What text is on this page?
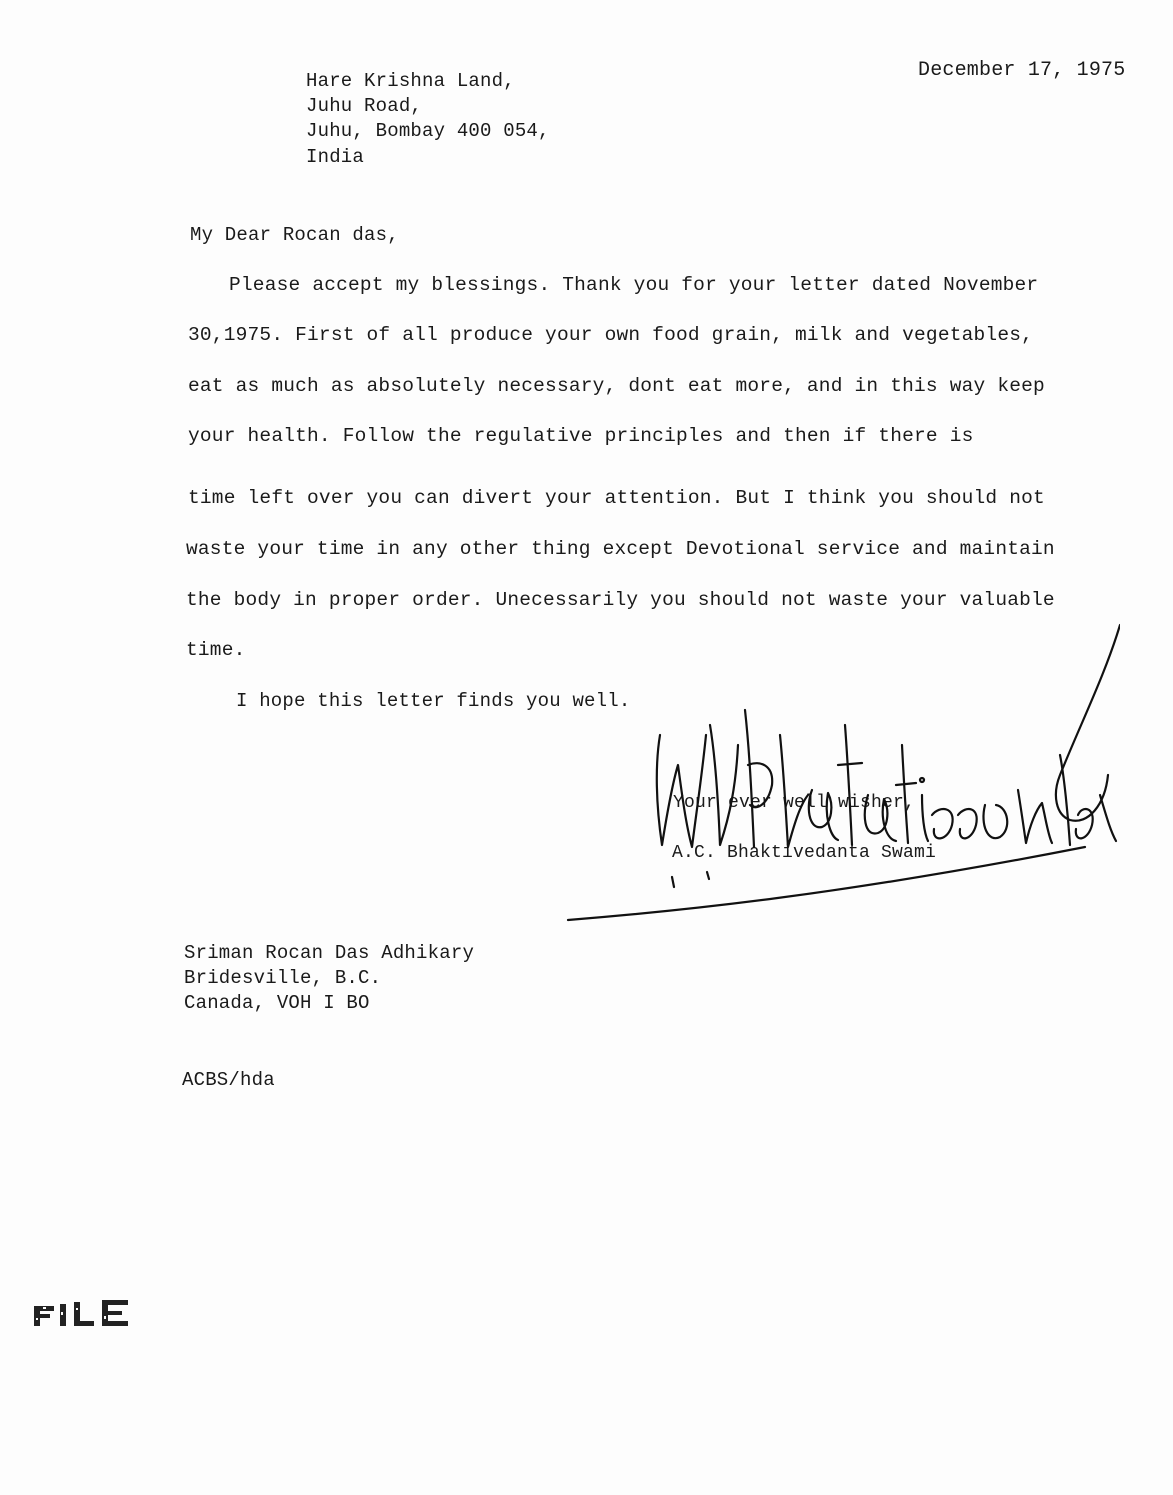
December 17, 1975
Hare Krishna Land,
Juhu Road,
Juhu, Bombay 400 054,
India
My Dear Rocan das,
Please accept my blessings. Thank you for your letter dated November
30,1975. First of all produce your own food grain, milk and vegetables,
eat as much as absolutely necessary, dont eat more, and in this way keep
your health. Follow the regulative principles and then if there is
time left over you can divert your attention. But I think you should not
waste your time in any other thing except Devotional service and maintain
the body in proper order. Unecessarily you should not waste your valuable
time.
I hope this letter finds you well.
Your ever well wisher,
A.C. Bhaktivedanta Swami
Sriman Rocan Das Adhikary
Bridesville, B.C.
Canada, VOH I BO
ACBS/hda
